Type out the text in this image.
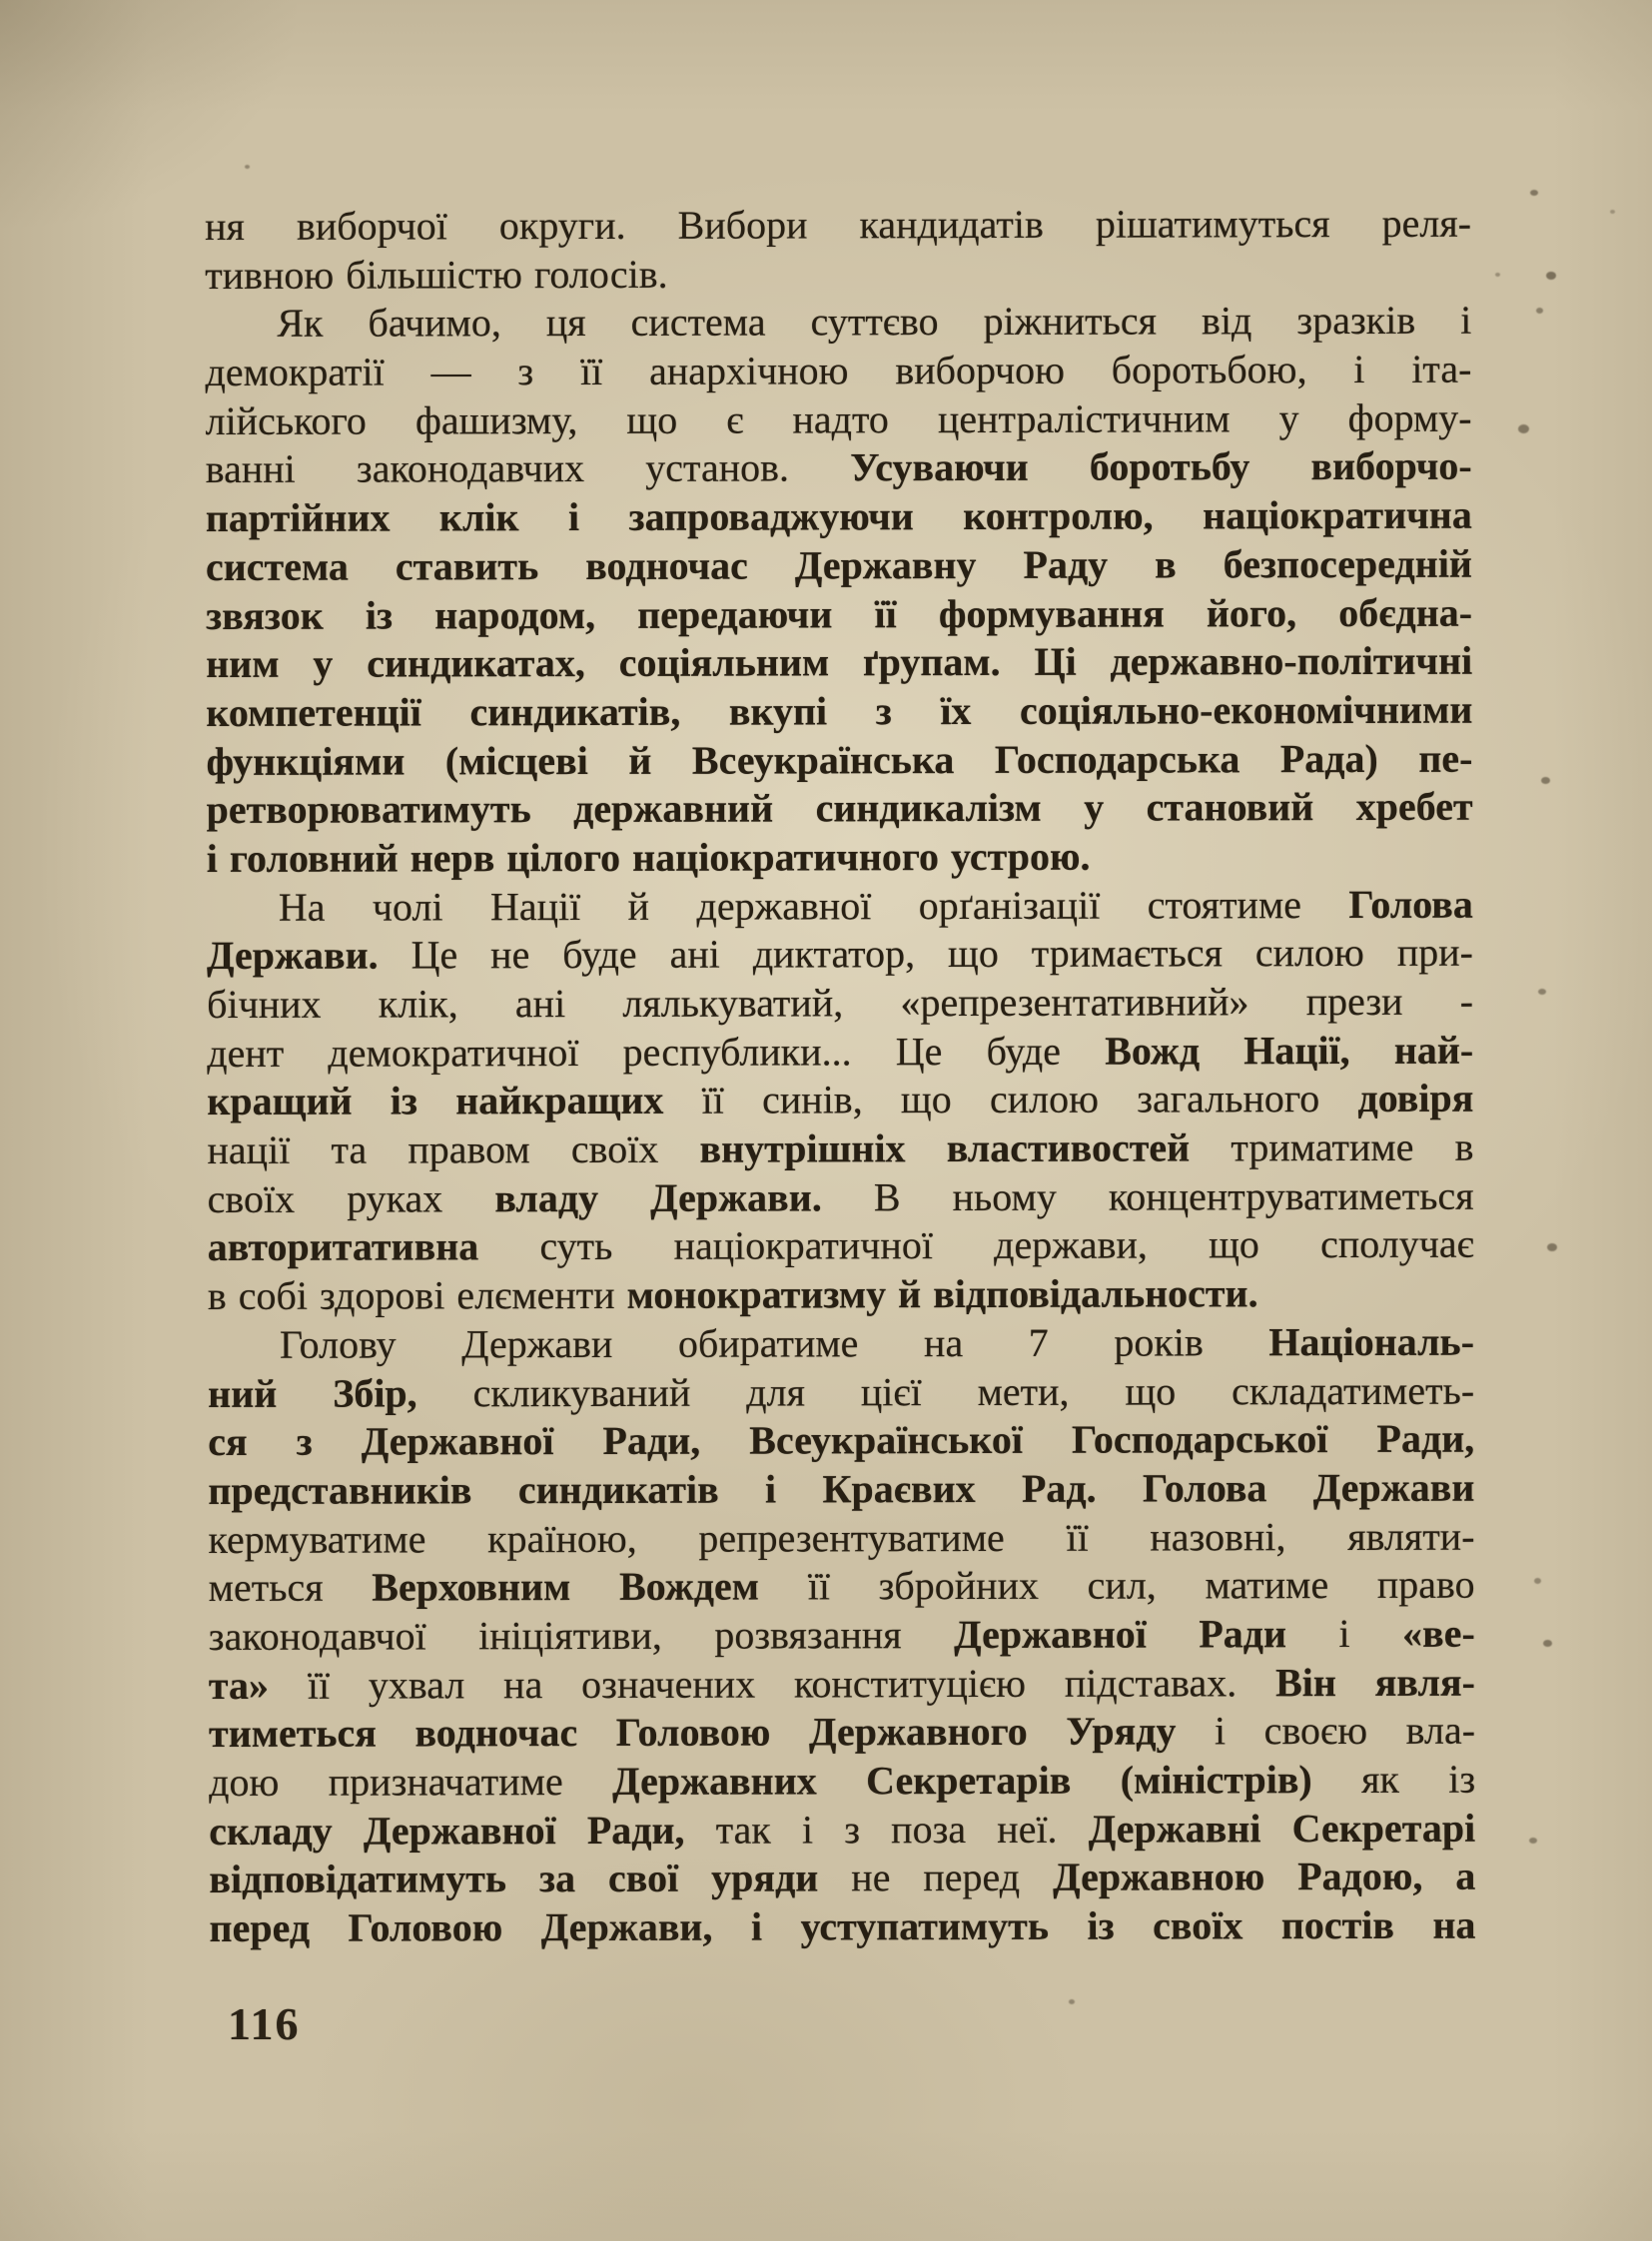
ня виборчої округи. Вибори кандидатів рішатимуться реля-
тивною більшістю голосів.
Як бачимо, ця система суттєво ріжниться від зразків і
демократії — з її анархічною виборчою боротьбою, і іта-
лійського фашизму, що є надто централістичним у форму-
ванні законодавчих установ. Усуваючи боротьбу виборчо-
партійних клік і запроваджуючи контролю, націократична
система ставить водночас Державну Раду в безпосередній
звязок із народом, передаючи її формування його, обєдна-
ним у синдикатах, соціяльним ґрупам. Ці державно-політичні
компетенції синдикатів, вкупі з їх соціяльно-економічними
функціями (місцеві й Всеукраїнська Господарська Рада) пе-
ретворюватимуть державний синдикалізм у становий хребет
і головний нерв цілого націократичного устрою.
На чолі Нації й державної орґанізації стоятиме Голова
Держави. Це не буде ані диктатор, що тримається силою при-
бічних клік, ані лялькуватий, «репрезентативний» прези -
дент демократичної республики... Це буде Вожд Нації, най-
кращий із найкращих її синів, що силою загального довіря
нації та правом своїх внутрішніх властивостей триматиме в
своїх руках владу Держави. В ньому концентруватиметься
авторитативна суть націократичної держави, що сполучає
в собі здорові елєменти монократизму й відповідальности.
Голову Держави обиратиме на 7 років Національ-
ний Збір, скликуваний для цієї мети, що складатиметь-
ся з Державної Ради, Всеукраїнської Господарської Ради,
представників синдикатів і Краєвих Рад. Голова Держави
кермуватиме країною, репрезентуватиме її назовні, являти-
меться Верховним Вождем її збройних сил, матиме право
законодавчої ініціятиви, розвязання Державної Ради і «ве-
та» її ухвал на означених конституцією підставах. Він явля-
тиметься водночас Головою Державного Уряду і своєю вла-
дою призначатиме Державних Секретарів (міністрів) як із
складу Державної Ради, так і з поза неї. Державні Секретарі
відповідатимуть за свої уряди не перед Державною Радою, а
перед Головою Держави, і уступатимуть із своїх постів на
116
